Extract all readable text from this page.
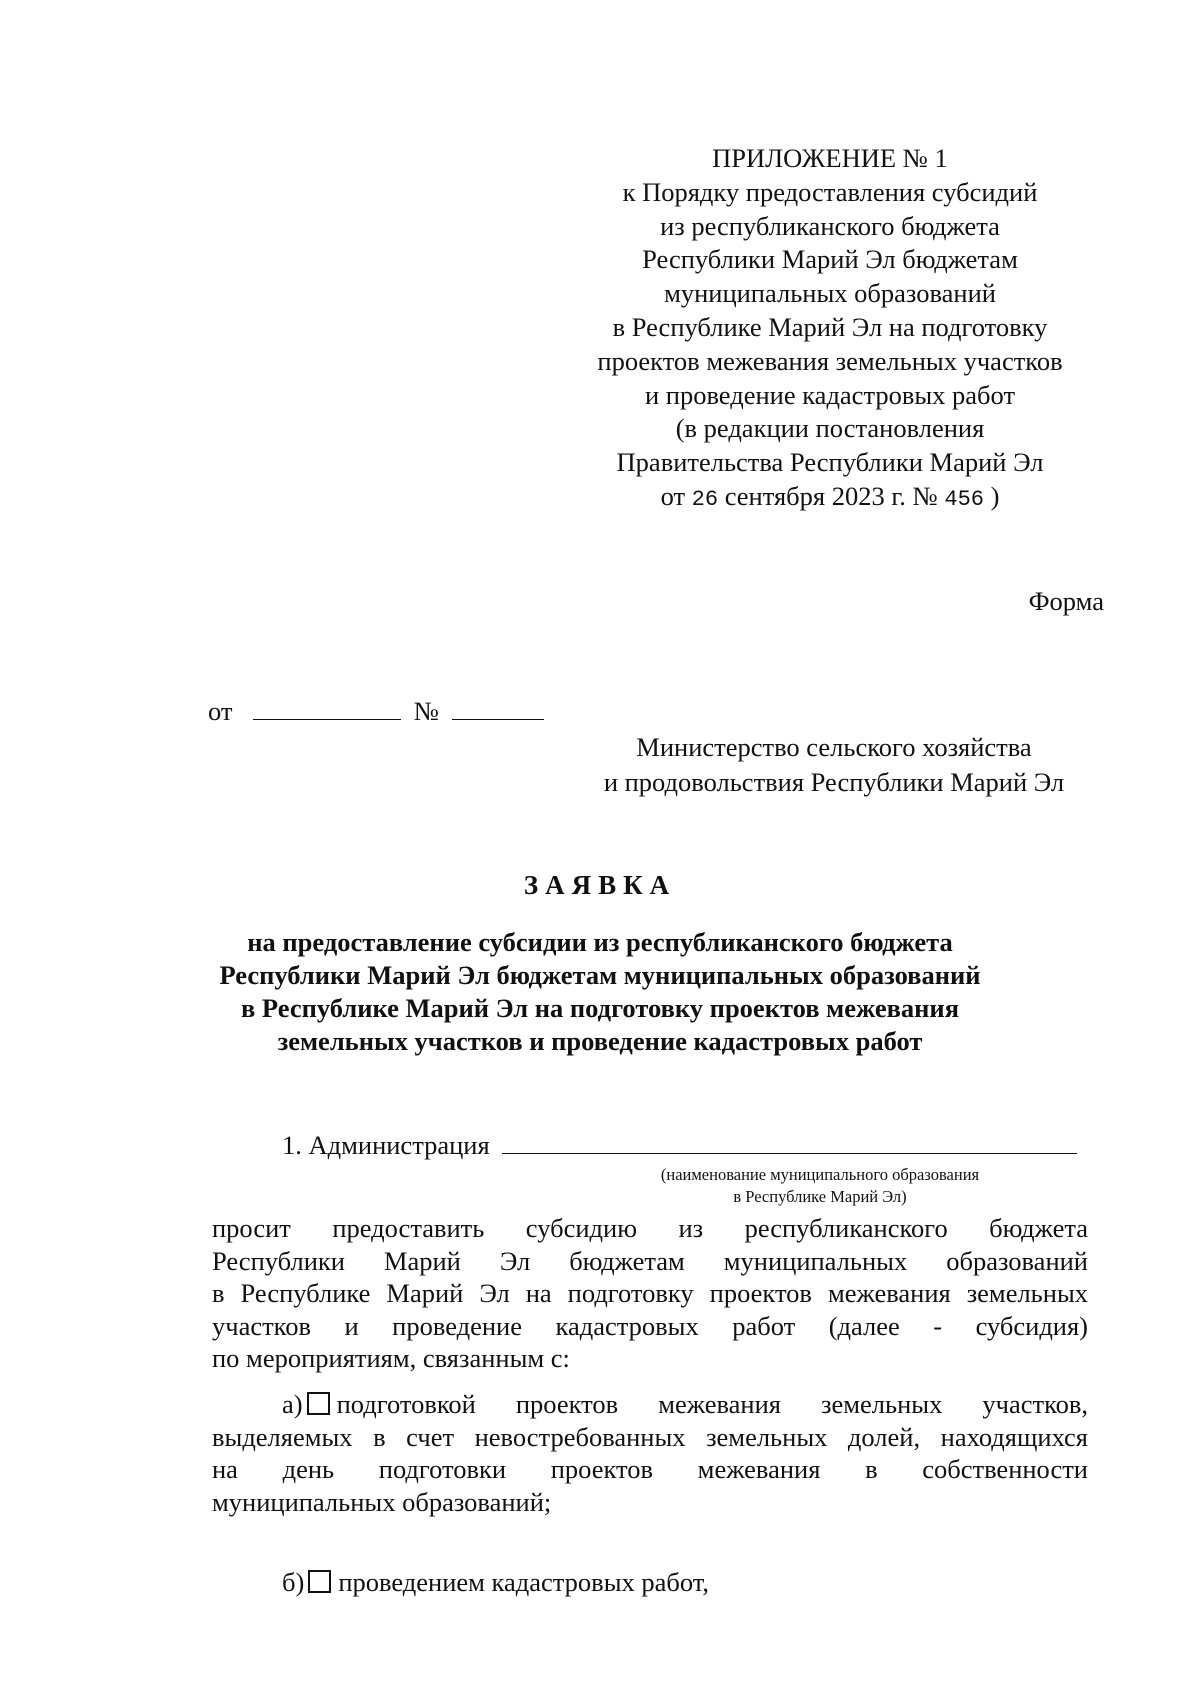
ПРИЛОЖЕНИЕ № 1
к Порядку предоставления субсидий
из республиканского бюджета
Республики Марий Эл бюджетам
муниципальных образований
в Республике Марий Эл на подготовку
проектов межевания земельных участков
и проведение кадастровых работ
(в редакции постановления
Правительства Республики Марий Эл
от 26 сентября 2023 г. № 456 )
Форма
от	№
Министерство сельского хозяйства
и продовольствия Республики Марий Эл
ЗАЯВКА
на предоставление субсидии из республиканского бюджета
Республики Марий Эл бюджетам муниципальных образований
в Республике Марий Эл на подготовку проектов межевания
земельных участков и проведение кадастровых работ
1. Администрация
(наименование муниципального образования
в Республике Марий Эл)
просит предоставить субсидию из республиканского бюджета
Республики Марий Эл бюджетам муниципальных образований
в Республике Марий Эл на подготовку проектов межевания земельных
участков и проведение кадастровых работ (далее - субсидия)
по мероприятиям, связанным с:
а) подготовкой проектов межевания земельных участков,
выделяемых в счет невостребованных земельных долей, находящихся
на день подготовки проектов межевания в собственности
муниципальных образований;
б) проведением кадастровых работ,
